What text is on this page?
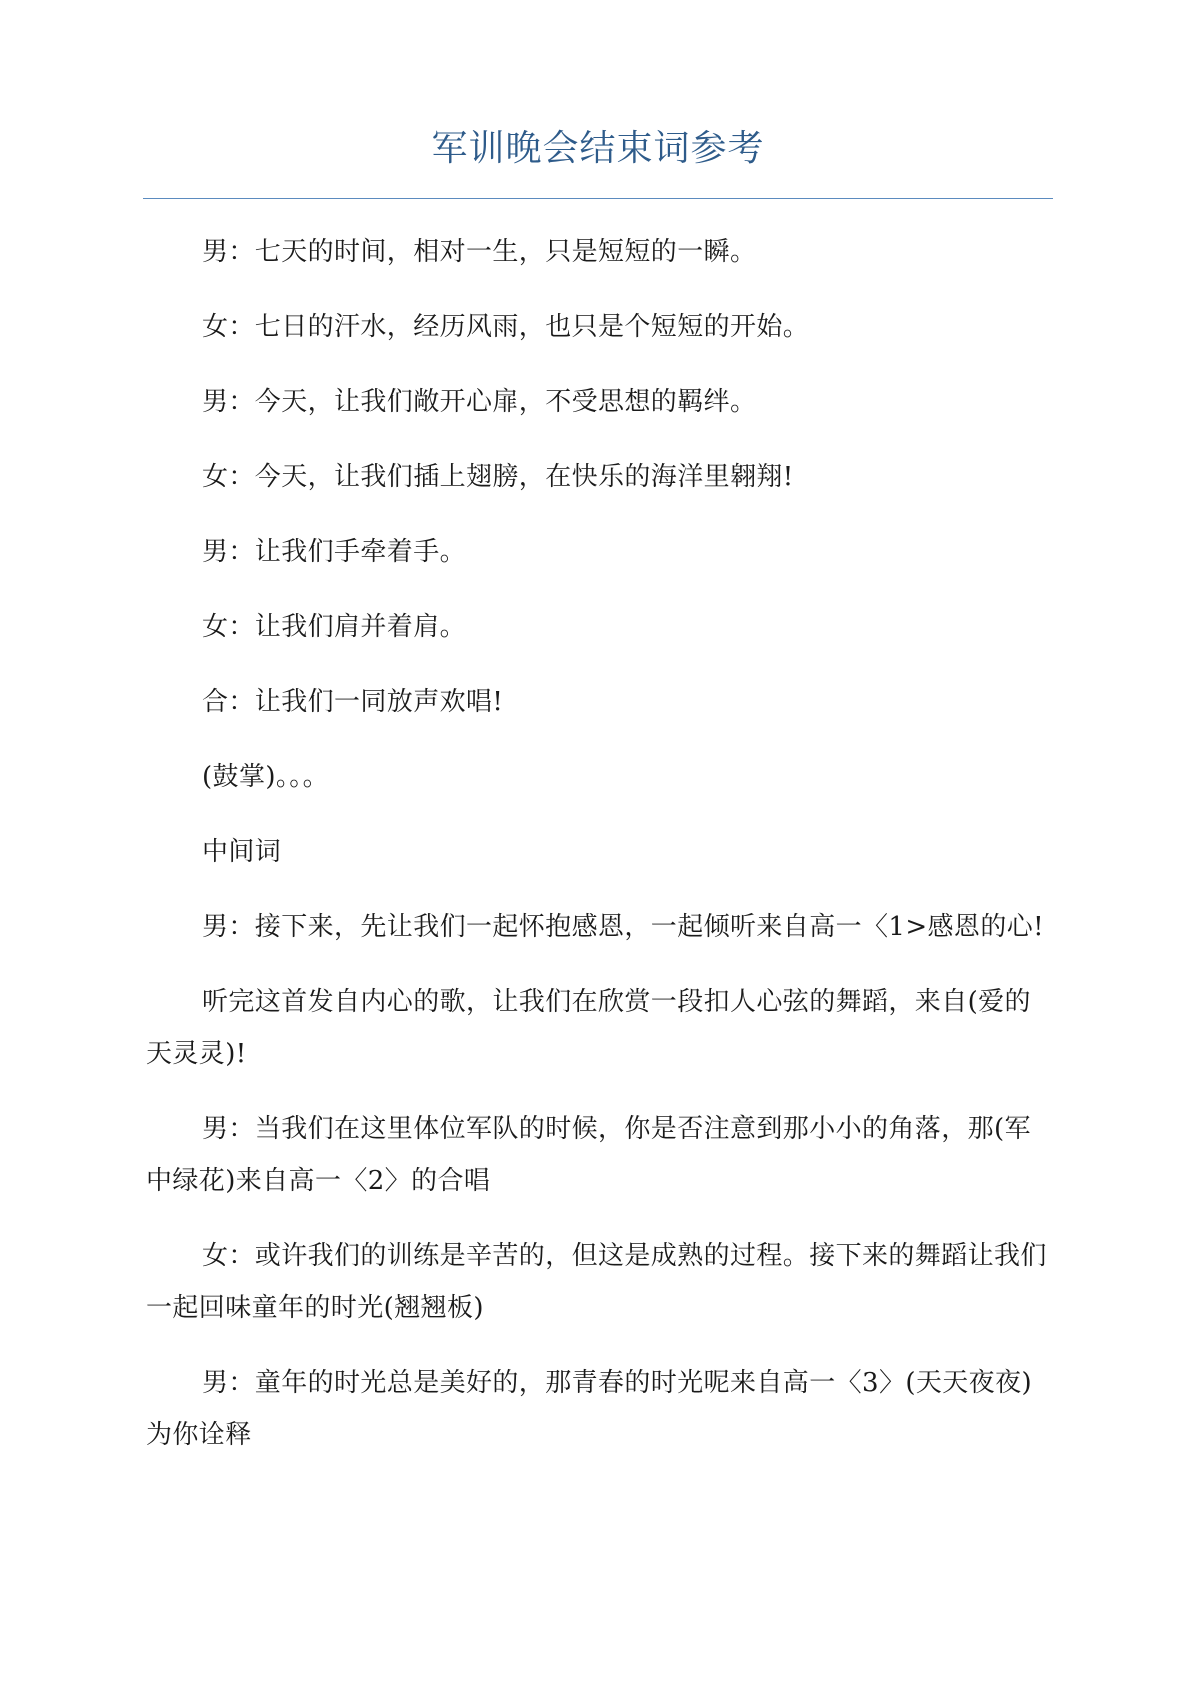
军训晚会结束词参考

男：七天的时间，相对一生，只是短短的一瞬。

女：七日的汗水，经历风雨，也只是个短短的开始。

男：今天，让我们敞开心扉，不受思想的羁绊。

女：今天，让我们插上翅膀，在快乐的海洋里翱翔!

男：让我们手牵着手。

女：让我们肩并着肩。

合：让我们一同放声欢唱!

(鼓掌)。。。

中间词

男：接下来，先让我们一起怀抱感恩，一起倾听来自高一〈1>感恩的心!

听完这首发自内心的歌，让我们在欣赏一段扣人心弦的舞蹈，来自(爱的天灵灵)!

男：当我们在这里体位军队的时候，你是否注意到那小小的角落，那(军中绿花)来自高一〈2〉的合唱

女：或许我们的训练是辛苦的，但这是成熟的过程。接下来的舞蹈让我们一起回味童年的时光(翘翘板)

男：童年的时光总是美好的，那青春的时光呢来自高一〈3〉(天天夜夜)为你诠释
